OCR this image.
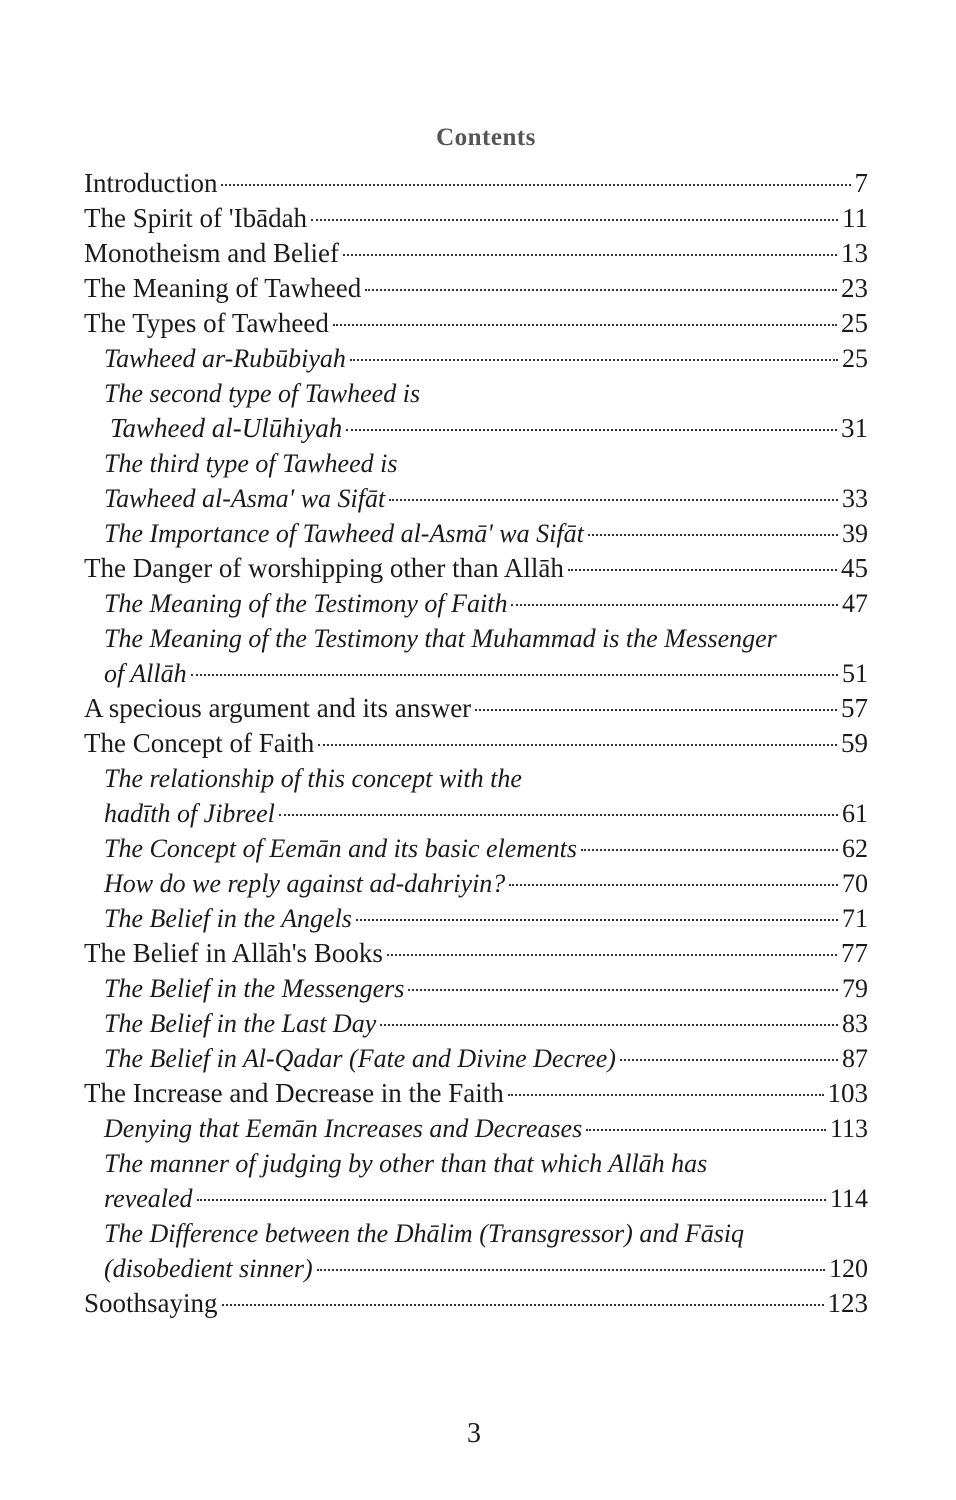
Contents
Introduction	7
The Spirit of 'Ibādah	11
Monotheism and Belief	13
The Meaning of Tawheed	23
The Types of Tawheed	25
Tawheed ar-Rubūbiyah	25
The second type of Tawheed is
Tawheed al-Ulūhiyah	31
The third type of Tawheed is
Tawheed al-Asma' wa Sifāt	33
The Importance of Tawheed al-Asmā' wa Sifāt	39
The Danger of worshipping other than Allāh	45
The Meaning of the Testimony of Faith	47
The Meaning of the Testimony that Muhammad is the Messenger
of Allāh	51
A specious argument and its answer	57
The Concept of Faith	59
The relationship of this concept with the
hadīth of Jibreel	61
The Concept of Eemān and its basic elements	62
How do we reply against ad-dahriyin?	70
The Belief in the Angels	71
The Belief in Allāh's Books	77
The Belief in the Messengers	79
The Belief in the Last Day	83
The Belief in Al-Qadar (Fate and Divine Decree)	87
The Increase and Decrease in the Faith	103
Denying that Eemān Increases and Decreases	113
The manner of judging by other than that which Allāh has
revealed	114
The Difference between the Dhālim (Transgressor) and Fāsiq
(disobedient sinner)	120
Soothsaying	123
3
